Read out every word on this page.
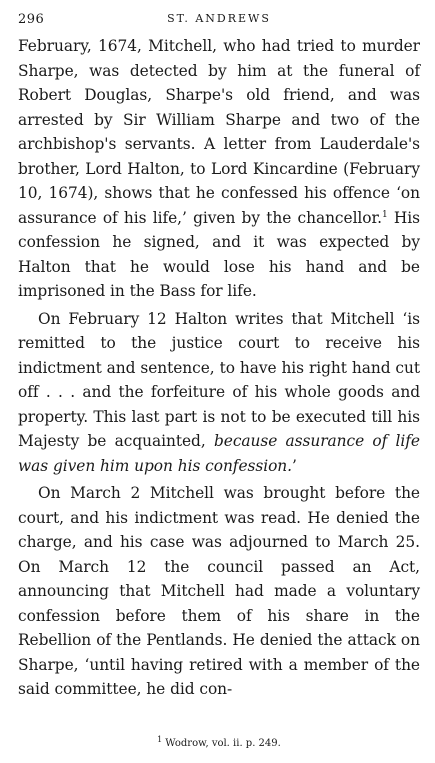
296	ST. ANDREWS

February, 1674, Mitchell, who had tried to murder Sharpe, was detected by him at the funeral of Robert Douglas, Sharpe's old friend, and was arrested by Sir William Sharpe and two of the archbishop's servants. A letter from Lauderdale's brother, Lord Halton, to Lord Kincardine (February 10, 1674), shows that he confessed his offence ‘on assurance of his life,’ given by the chancellor.$^1$ His confession he signed, and it was expected by Halton that he would lose his hand and be imprisoned in the Bass for life.

On February 12 Halton writes that Mitchell ‘is remitted to the justice court to receive his indictment and sentence, to have his right hand cut off . . . and the forfeiture of his whole goods and property. This last part is not to be executed till his Majesty be acquainted, because assurance of life was given him upon his confession.’

On March 2 Mitchell was brought before the court, and his indictment was read. He denied the charge, and his case was adjourned to March 25. On March 12 the council passed an Act, announcing that Mitchell had made a voluntary confession before them of his share in the Rebellion of the Pentlands. He denied the attack on Sharpe, ‘until having retired with a member of the said committee, he did con-

$^1$ Wodrow, vol. ii. p. 249.
